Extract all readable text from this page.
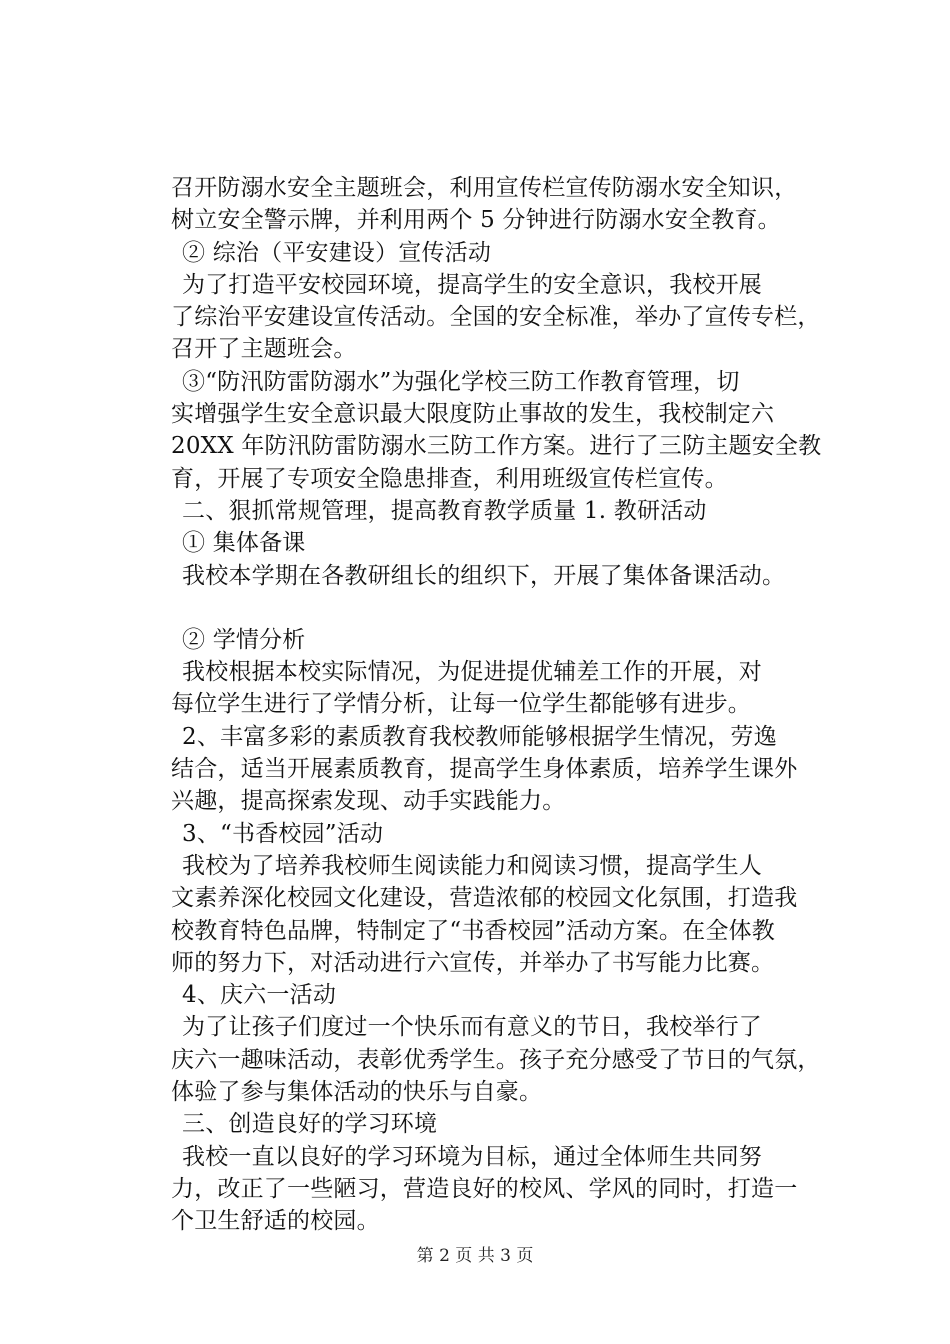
召开防溺水安全主题班会，利用宣传栏宣传防溺水安全知识，
树立安全警示牌，并利用两个 5 分钟进行防溺水安全教育。
② 综治（平安建设）宣传活动
为了打造平安校园环境，提高学生的安全意识，我校开展
了综治平安建设宣传活动。全国的安全标准，举办了宣传专栏，
召开了主题班会。
③“防汛防雷防溺水”为强化学校三防工作教育管理，切
实增强学生安全意识最大限度防止事故的发生，我校制定六
20XX 年防汛防雷防溺水三防工作方案。进行了三防主题安全教
育，开展了专项安全隐患排查，利用班级宣传栏宣传。
二、狠抓常规管理，提高教育教学质量 1. 教研活动
① 集体备课
我校本学期在各教研组长的组织下，开展了集体备课活动。
② 学情分析
我校根据本校实际情况，为促进提优辅差工作的开展，对
每位学生进行了学情分析，让每一位学生都能够有进步。
2、丰富多彩的素质教育我校教师能够根据学生情况，劳逸
结合，适当开展素质教育，提高学生身体素质，培养学生课外
兴趣，提高探索发现、动手实践能力。
3、“书香校园”活动
我校为了培养我校师生阅读能力和阅读习惯，提高学生人
文素养深化校园文化建设，营造浓郁的校园文化氛围，打造我
校教育特色品牌，特制定了“书香校园”活动方案。在全体教
师的努力下，对活动进行六宣传，并举办了书写能力比赛。
4、庆六一活动
为了让孩子们度过一个快乐而有意义的节日，我校举行了
庆六一趣味活动，表彰优秀学生。孩子充分感受了节日的气氛，
体验了参与集体活动的快乐与自豪。
三、创造良好的学习环境
我校一直以良好的学习环境为目标，通过全体师生共同努
力，改正了一些陋习，营造良好的校风、学风的同时，打造一
个卫生舒适的校园。
第 2 页 共 3 页
